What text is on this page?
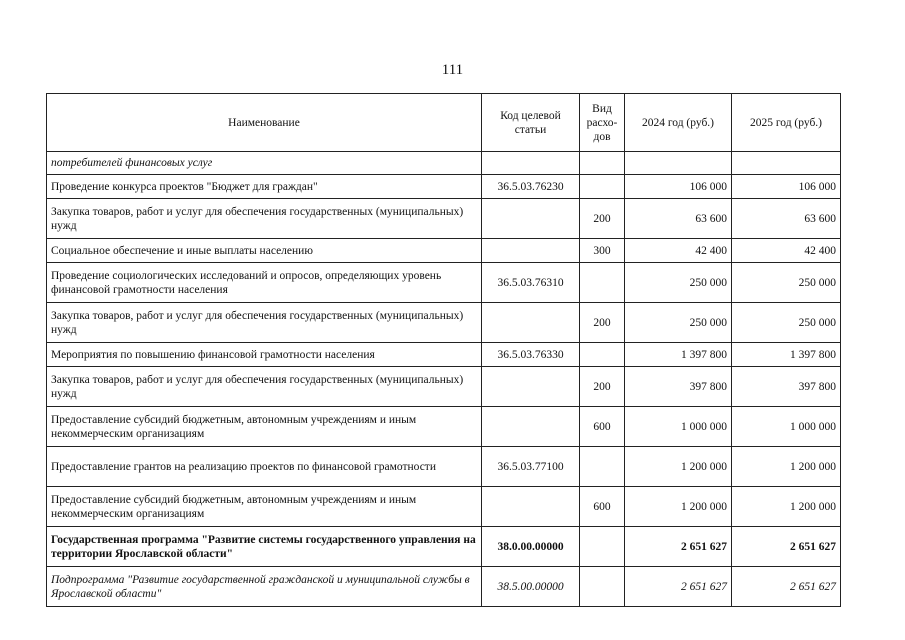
111
Наименование	Код целевой статьи	Вид расхо-дов	2024 год (руб.)	2025 год (руб.)
потребителей финансовых услуг				
Проведение конкурса проектов "Бюджет для граждан"	36.5.03.76230		106 000	106 000
Закупка товаров, работ и услуг для обеспечения государственных (муниципальных) нужд		200	63 600	63 600
Социальное обеспечение и иные выплаты населению		300	42 400	42 400
Проведение социологических исследований и опросов, определяющих уровень финансовой грамотности населения	36.5.03.76310		250 000	250 000
Закупка товаров, работ и услуг для обеспечения государственных (муниципальных) нужд		200	250 000	250 000
Мероприятия по повышению финансовой грамотности населения	36.5.03.76330		1 397 800	1 397 800
Закупка товаров, работ и услуг для обеспечения государственных (муниципальных) нужд		200	397 800	397 800
Предоставление субсидий бюджетным, автономным учреждениям и иным некоммерческим организациям		600	1 000 000	1 000 000
Предоставление грантов на реализацию проектов по финансовой грамотности	36.5.03.77100		1 200 000	1 200 000
Предоставление субсидий бюджетным, автономным учреждениям и иным некоммерческим организациям		600	1 200 000	1 200 000
Государственная программа "Развитие системы государственного управления на территории Ярославской области"	38.0.00.00000		2 651 627	2 651 627
Подпрограмма "Развитие государственной гражданской и муниципальной службы в Ярославской области"	38.5.00.00000		2 651 627	2 651 627
